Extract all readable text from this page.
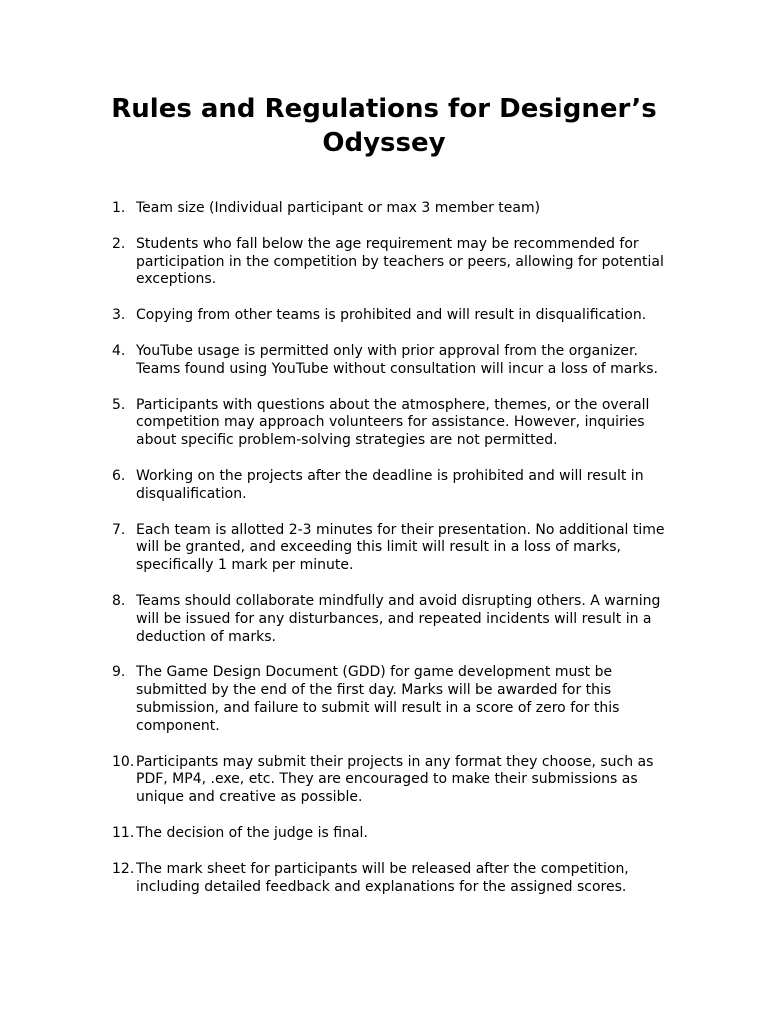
Rules and Regulations for Designer’s Odyssey
1. Team size (Individual participant or max 3 member team)
2. Students who fall below the age requirement may be recommended for participation in the competition by teachers or peers, allowing for potential exceptions.
3. Copying from other teams is prohibited and will result in disqualification.
4. YouTube usage is permitted only with prior approval from the organizer. Teams found using YouTube without consultation will incur a loss of marks.
5. Participants with questions about the atmosphere, themes, or the overall competition may approach volunteers for assistance. However, inquiries about specific problem-solving strategies are not permitted.
6. Working on the projects after the deadline is prohibited and will result in disqualification.
7. Each team is allotted 2-3 minutes for their presentation. No additional time will be granted, and exceeding this limit will result in a loss of marks, specifically 1 mark per minute.
8. Teams should collaborate mindfully and avoid disrupting others. A warning will be issued for any disturbances, and repeated incidents will result in a deduction of marks.
9. The Game Design Document (GDD) for game development must be submitted by the end of the first day. Marks will be awarded for this submission, and failure to submit will result in a score of zero for this component.
10. Participants may submit their projects in any format they choose, such as PDF, MP4, .exe, etc. They are encouraged to make their submissions as unique and creative as possible.
11. The decision of the judge is final.
12. The mark sheet for participants will be released after the competition, including detailed feedback and explanations for the assigned scores.
